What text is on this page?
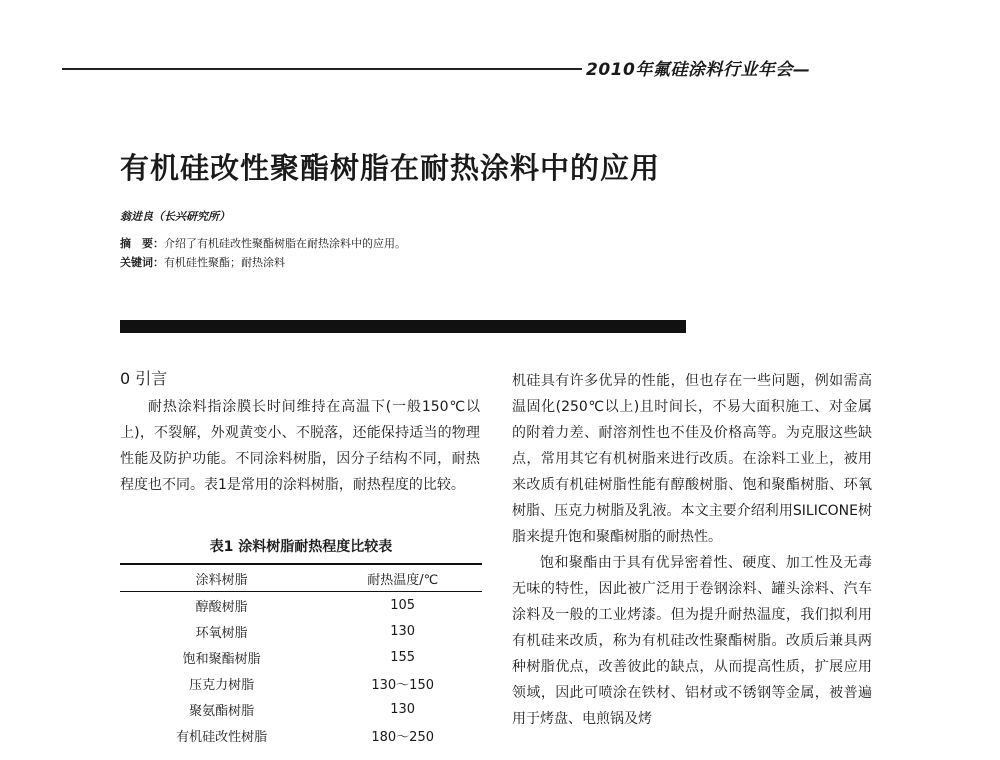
2010年氟硅涂料行业年会—
有机硅改性聚酯树脂在耐热涂料中的应用
翁进良（长兴研究所）
摘　要：介绍了有机硅改性聚酯树脂在耐热涂料中的应用。
关键词：有机硅性聚酯；耐热涂料
0 引言

耐热涂料指涂膜长时间维持在高温下(一般150℃以上)，不裂解，外观黄变小、不脱落，还能保持适当的物理性能及防护功能。不同涂料树脂，因分子结构不同，耐热程度也不同。表1是常用的涂料树脂，耐热程度的比较。

表1 涂料树脂耐热程度比较表
涂料树脂	耐热温度/℃
醇酸树脂	105
环氧树脂	130
饱和聚酯树脂	155
压克力树脂	130～150
聚氨酯树脂	130
有机硅改性树脂	180～250

机硅具有许多优异的性能，但也存在一些问题，例如需高温固化(250℃以上)且时间长，不易大面积施工、对金属的附着力差、耐溶剂性也不佳及价格高等。为克服这些缺点，常用其它有机树脂来进行改质。在涂料工业上，被用来改质有机硅树脂性能有醇酸树脂、饱和聚酯树脂、环氧树脂、压克力树脂及乳液。本文主要介绍利用SILICONE树脂来提升饱和聚酯树脂的耐热性。

饱和聚酯由于具有优异密着性、硬度、加工性及无毒无味的特性，因此被广泛用于卷钢涂料、罐头涂料、汽车涂料及一般的工业烤漆。但为提升耐热温度，我们拟利用有机硅来改质，称为有机硅改性聚酯树脂。改质后兼具两种树脂优点，改善彼此的缺点，从而提高性质，扩展应用领域，因此可喷涂在铁材、铝材或不锈钢等金属，被普遍用于烤盘、电煎锅及烤
